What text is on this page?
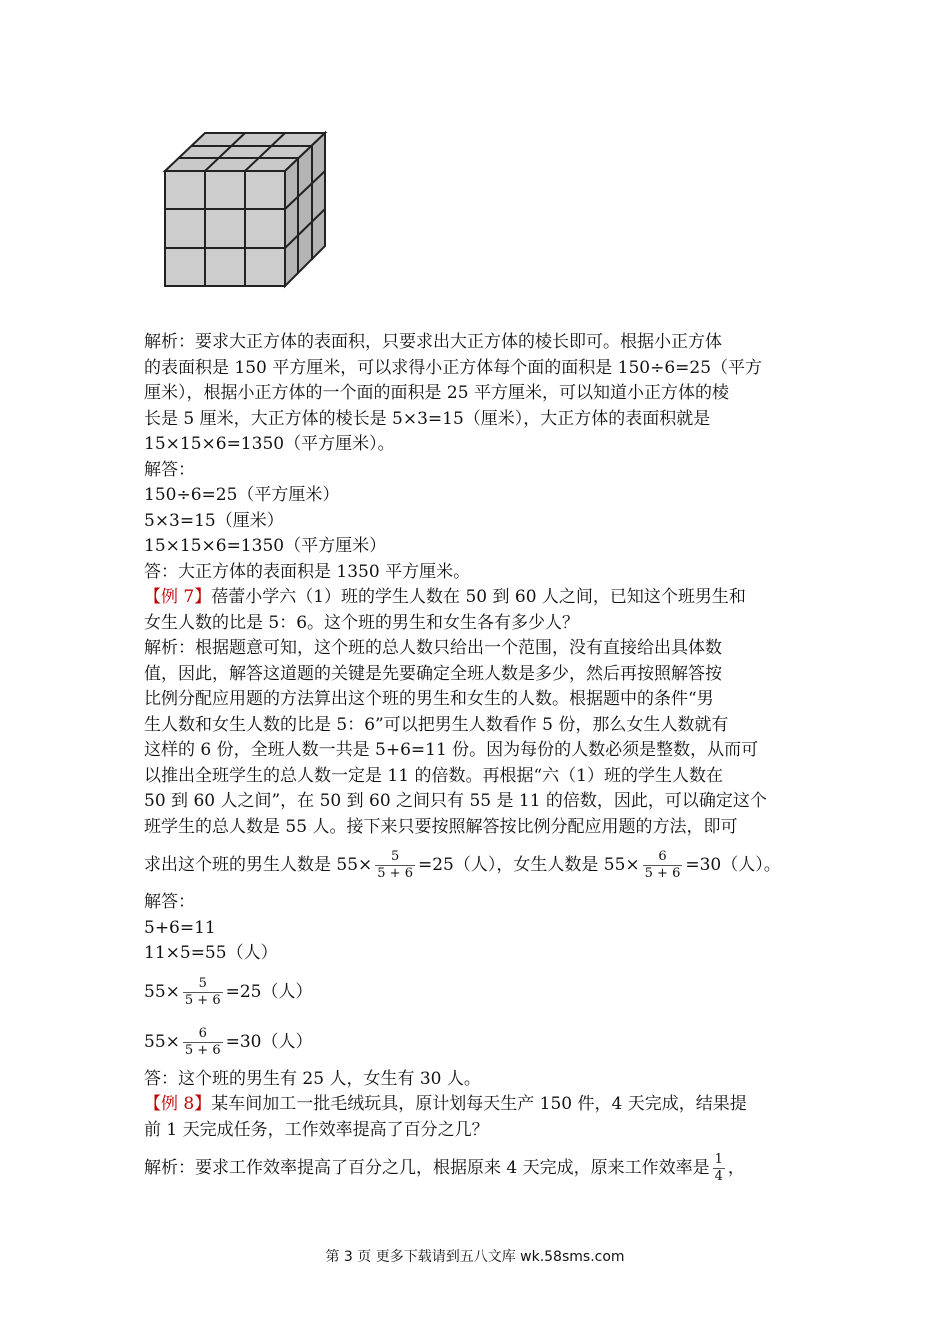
解析：要求大正方体的表面积，只要求出大正方体的棱长即可。根据小正方体
的表面积是 150 平方厘米，可以求得小正方体每个面的面积是 150÷6=25（平方
厘米），根据小正方体的一个面的面积是 25 平方厘米，可以知道小正方体的棱
长是 5 厘米，大正方体的棱长是 5×3=15（厘米），大正方体的表面积就是
15×15×6=1350（平方厘米）。
解答：
150÷6=25（平方厘米）
5×3=15（厘米）
15×15×6=1350（平方厘米）
答：大正方体的表面积是 1350 平方厘米。
【例 7】蓓蕾小学六（1）班的学生人数在 50 到 60 人之间，已知这个班男生和
女生人数的比是 5：6。这个班的男生和女生各有多少人？
解析：根据题意可知，这个班的总人数只给出一个范围，没有直接给出具体数
值，因此，解答这道题的关键是先要确定全班人数是多少，然后再按照解答按
比例分配应用题的方法算出这个班的男生和女生的人数。根据题中的条件“男
生人数和女生人数的比是 5：6”可以把男生人数看作 5 份，那么女生人数就有
这样的 6 份，全班人数一共是 5+6=11 份。因为每份的人数必须是整数，从而可
以推出全班学生的总人数一定是 11 的倍数。再根据“六（1）班的学生人数在
50 到 60 人之间”，在 50 到 60 之间只有 55 是 11 的倍数，因此，可以确定这个
班学生的总人数是 55 人。接下来只要按照解答按比例分配应用题的方法，即可
求出这个班的男生人数是 $55\times \frac{5}{5 + 6} =25$（人），女生人数是 $55\times \frac{6}{5 + 6} =30$（人）。
解答：
5+6=11
11×5=55（人）
$55\times \frac{5}{5 + 6} =25$（人）
$55\times \frac{6}{5 + 6} =30$（人）
答：这个班的男生有 25 人，女生有 30 人。
【例 8】某车间加工一批毛绒玩具，原计划每天生产 150 件，4 天完成，结果提
前 1 天完成任务，工作效率提高了百分之几？
解析：要求工作效率提高了百分之几，根据原来 4 天完成，原来工作效率是 $\frac{1}{4}$ ，
第 3 页 更多下载请到五八文库 wk.58sms.com
